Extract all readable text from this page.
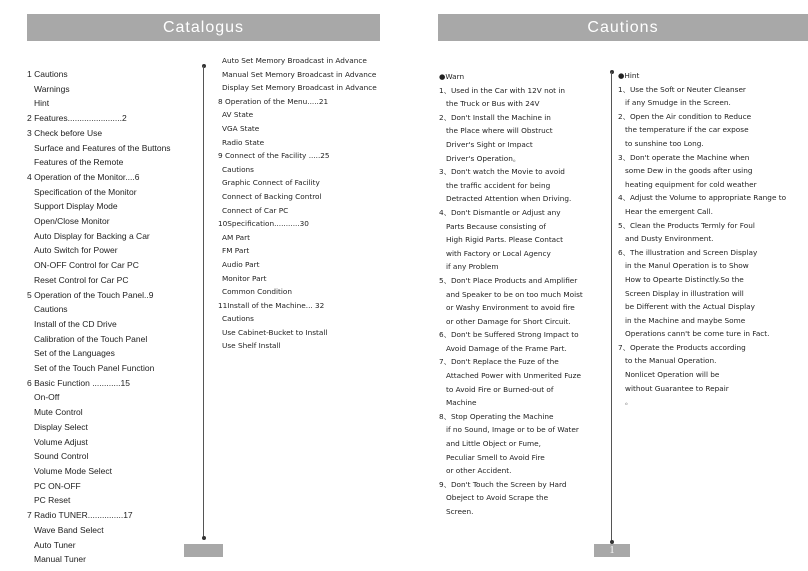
Catalogus
1 Cautions
Warnings
Hint
2 Features.......................2
3 Check before Use
Surface and Features of the Buttons
Features of the Remote
4 Operation of the Monitor....6
Specification of the Monitor
Support Display Mode
Open/Close Monitor
Auto Display for Backing a Car
Auto Switch for Power
ON-OFF Control for Car PC
Reset Control for Car PC
5 Operation of the Touch Panel..9
Cautions
Install of the CD Drive
Calibration of the Touch Panel
Set of the Languages
Set of the Touch Panel Function
6 Basic Function ............15
On-Off
Mute Control
Display Select
Volume Adjust
Sound Control
Volume Mode Select
PC ON-OFF
PC Reset
7 Radio TUNER...............17
Wave Band Select
Auto Tuner
Manual Tuner
Auto Set Memory Broadcast in Advance
Manual Set Memory Broadcast in Advance
Display Set Memory Broadcast in Advance
8 Operation of the Menu.....21
AV State
VGA State
Radio State
9 Connect of the Facility .....25
Cautions
Graphic Connect of Facility
Connect of Backing Control
Connect of Car PC
10Specification...........30
AM Part
FM Part
Audio Part
Monitor Part
Common Condition
11Install of the Machine... 32
Cautions
Use Cabinet-Bucket to Install
Use Shelf Install
Cautions
●Warn
1、Used in the Car with 12V not in
the Truck or Bus with 24V
2、Don't Install the Machine in
the Place where will Obstruct
Driver's Sight or Impact
Driver's Operation。
3、Don't watch the Movie to avoid
the traffic accident for being
Detracted Attention when Driving.
4、Don't Dismantle or Adjust any
Parts Because consisting of
High Rigid Parts. Please Contact
with Factory or Local Agency
if any Problem
5、Don't Place Products and Amplifier
and Speaker to be on too much Moist
or Washy Environment to avoid fire
or other Damage for Short Circuit.
6、Don't be Suffered Strong Impact to
Avoid Damage of the Frame Part.
7、Don't Replace the Fuze of the
Attached Power with Unmerited Fuze
to Avoid Fire or Burned-out of
Machine
8、Stop Operating the Machine
if no Sound, Image or to be of Water
and Little Object or Fume,
Peculiar Smell to Avoid Fire
or other Accident.
9、Don't Touch the Screen by Hard
Obeject to Avoid Scrape the
Screen.
●Hint
1、Use the Soft or Neuter Cleanser
if any Smudge in the Screen.
2、Open the Air condition to Reduce
the temperature if the car expose
to sunshine too Long.
3、Don't operate the Machine when
some Dew in the goods after using
heating equipment for cold weather
4、Adjust the Volume to appropriate Range to
Hear the emergent Call.
5、Clean the Products Termly for Foul
and Dusty Environment.
6、The illustration and Screen Display
in the Manul Operation is to Show
How to Opearte Distinctly.So the
Screen Display in illustration will
be Different with the Actual Display
in the Machine and maybe Some
Operations cann't be come ture in Fact.
7、Operate the Products according
to the Manual Operation.
Nonlicet Operation will be
without Guarantee to Repair
。
1
